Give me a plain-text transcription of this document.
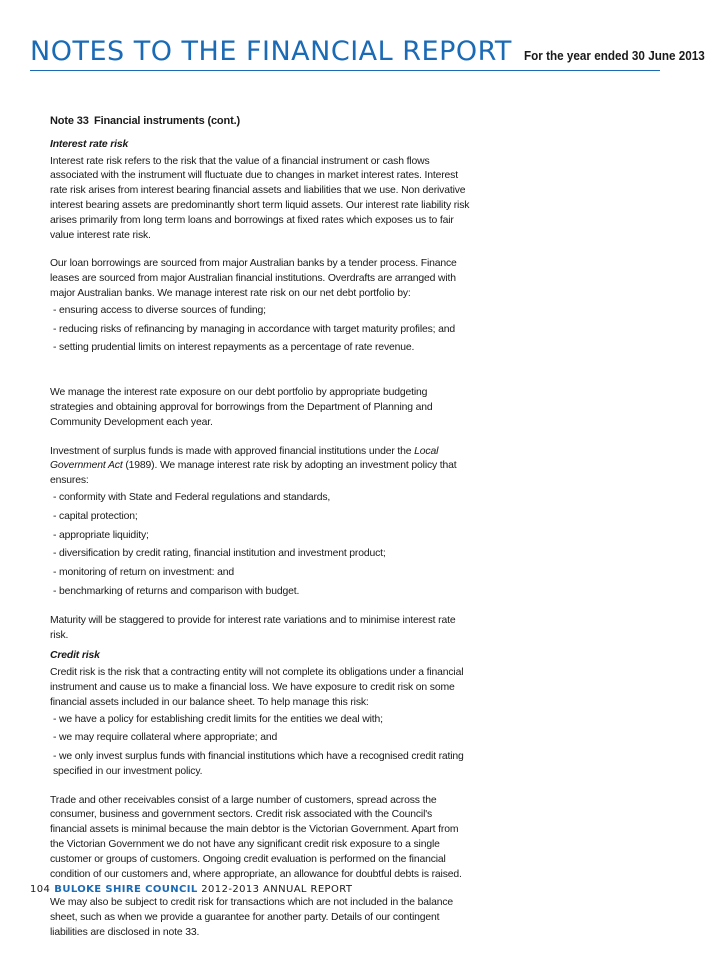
NOTES TO THE FINANCIAL REPORT For the year ended 30 June 2013
Note 33 Financial instruments (cont.)
Interest rate risk

Interest rate risk refers to the risk that the value of a financial instrument or cash flows associated with the instrument will fluctuate due to changes in market interest rates. Interest rate risk arises from interest bearing financial assets and liabilities that we use. Non derivative interest bearing assets are predominantly short term liquid assets. Our interest rate liability risk arises primarily from long term loans and borrowings at fixed rates which exposes us to fair value interest rate risk.

Our loan borrowings are sourced from major Australian banks by a tender process. Finance leases are sourced from major Australian financial institutions. Overdrafts are arranged with major Australian banks. We manage interest rate risk on our net debt portfolio by:

- ensuring access to diverse sources of funding;
- reducing risks of refinancing by managing in accordance with target maturity profiles; and
- setting prudential limits on interest repayments as a percentage of rate revenue.

We manage the interest rate exposure on our debt portfolio by appropriate budgeting strategies and obtaining approval for borrowings from the Department of Planning and Community Development each year.

Investment of surplus funds is made with approved financial institutions under the Local Government Act (1989). We manage interest rate risk by adopting an investment policy that ensures:

- conformity with State and Federal regulations and standards,
- capital protection;
- appropriate liquidity;
- diversification by credit rating, financial institution and investment product;
- monitoring of return on investment: and
- benchmarking of returns and comparison with budget.

Maturity will be staggered to provide for interest rate variations and to minimise interest rate risk.

Credit risk

Credit risk is the risk that a contracting entity will not complete its obligations under a financial instrument and cause us to make a financial loss. We have exposure to credit risk on some financial assets included in our balance sheet. To help manage this risk:

- we have a policy for establishing credit limits for the entities we deal with;
- we may require collateral where appropriate; and
- we only invest surplus funds with financial institutions which have a recognised credit rating specified in our investment policy.

Trade and other receivables consist of a large number of customers, spread across the consumer, business and government sectors. Credit risk associated with the Council's financial assets is minimal because the main debtor is the Victorian Government. Apart from the Victorian Government we do not have any significant credit risk exposure to a single customer or groups of customers. Ongoing credit evaluation is performed on the financial condition of our customers and, where appropriate, an allowance for doubtful debts is raised.

We may also be subject to credit risk for transactions which are not included in the balance sheet, such as when we provide a guarantee for another party. Details of our contingent liabilities are disclosed in note 33.

104 BULOKE SHIRE COUNCIL 2012-2013 ANNUAL REPORT
